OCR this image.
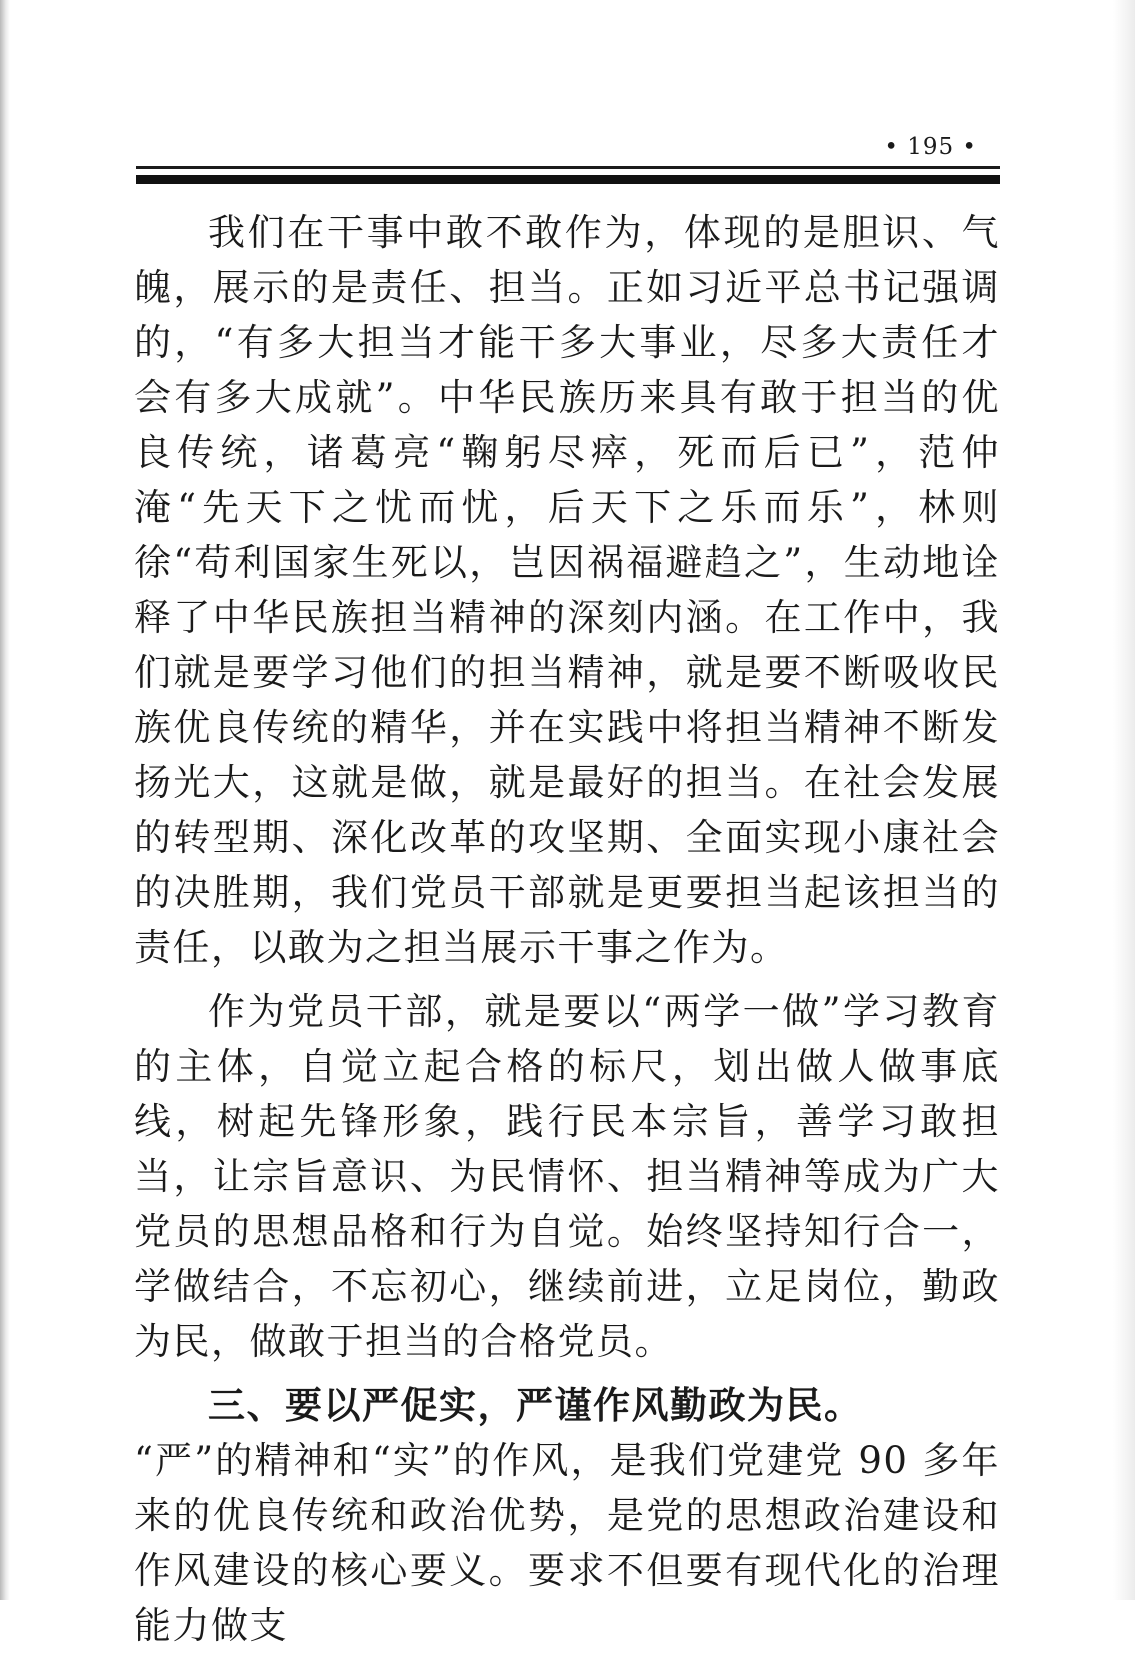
• 195 •

我们在干事中敢不敢作为，体现的是胆识、气魄，展示的是责任、担当。正如习近平总书记强调的，“有多大担当才能干多大事业，尽多大责任才会有多大成就”。中华民族历来具有敢于担当的优良传统，诸葛亮“鞠躬尽瘁，死而后已”，范仲淹“先天下之忧而忧，后天下之乐而乐”，林则徐“苟利国家生死以，岂因祸福避趋之”，生动地诠释了中华民族担当精神的深刻内涵。在工作中，我们就是要学习他们的担当精神，就是要不断吸收民族优良传统的精华，并在实践中将担当精神不断发扬光大，这就是做，就是最好的担当。在社会发展的转型期、深化改革的攻坚期、全面实现小康社会的决胜期，我们党员干部就是更要担当起该担当的责任，以敢为之担当展示干事之作为。

作为党员干部，就是要以“两学一做”学习教育的主体，自觉立起合格的标尺，划出做人做事底线，树起先锋形象，践行民本宗旨，善学习敢担当，让宗旨意识、为民情怀、担当精神等成为广大党员的思想品格和行为自觉。始终坚持知行合一，学做结合，不忘初心，继续前进，立足岗位，勤政为民，做敢于担当的合格党员。

三、要以严促实，严谨作风勤政为民。

“严”的精神和“实”的作风，是我们党建党 90 多年来的优良传统和政治优势，是党的思想政治建设和作风建设的核心要义。要求不但要有现代化的治理能力做支
